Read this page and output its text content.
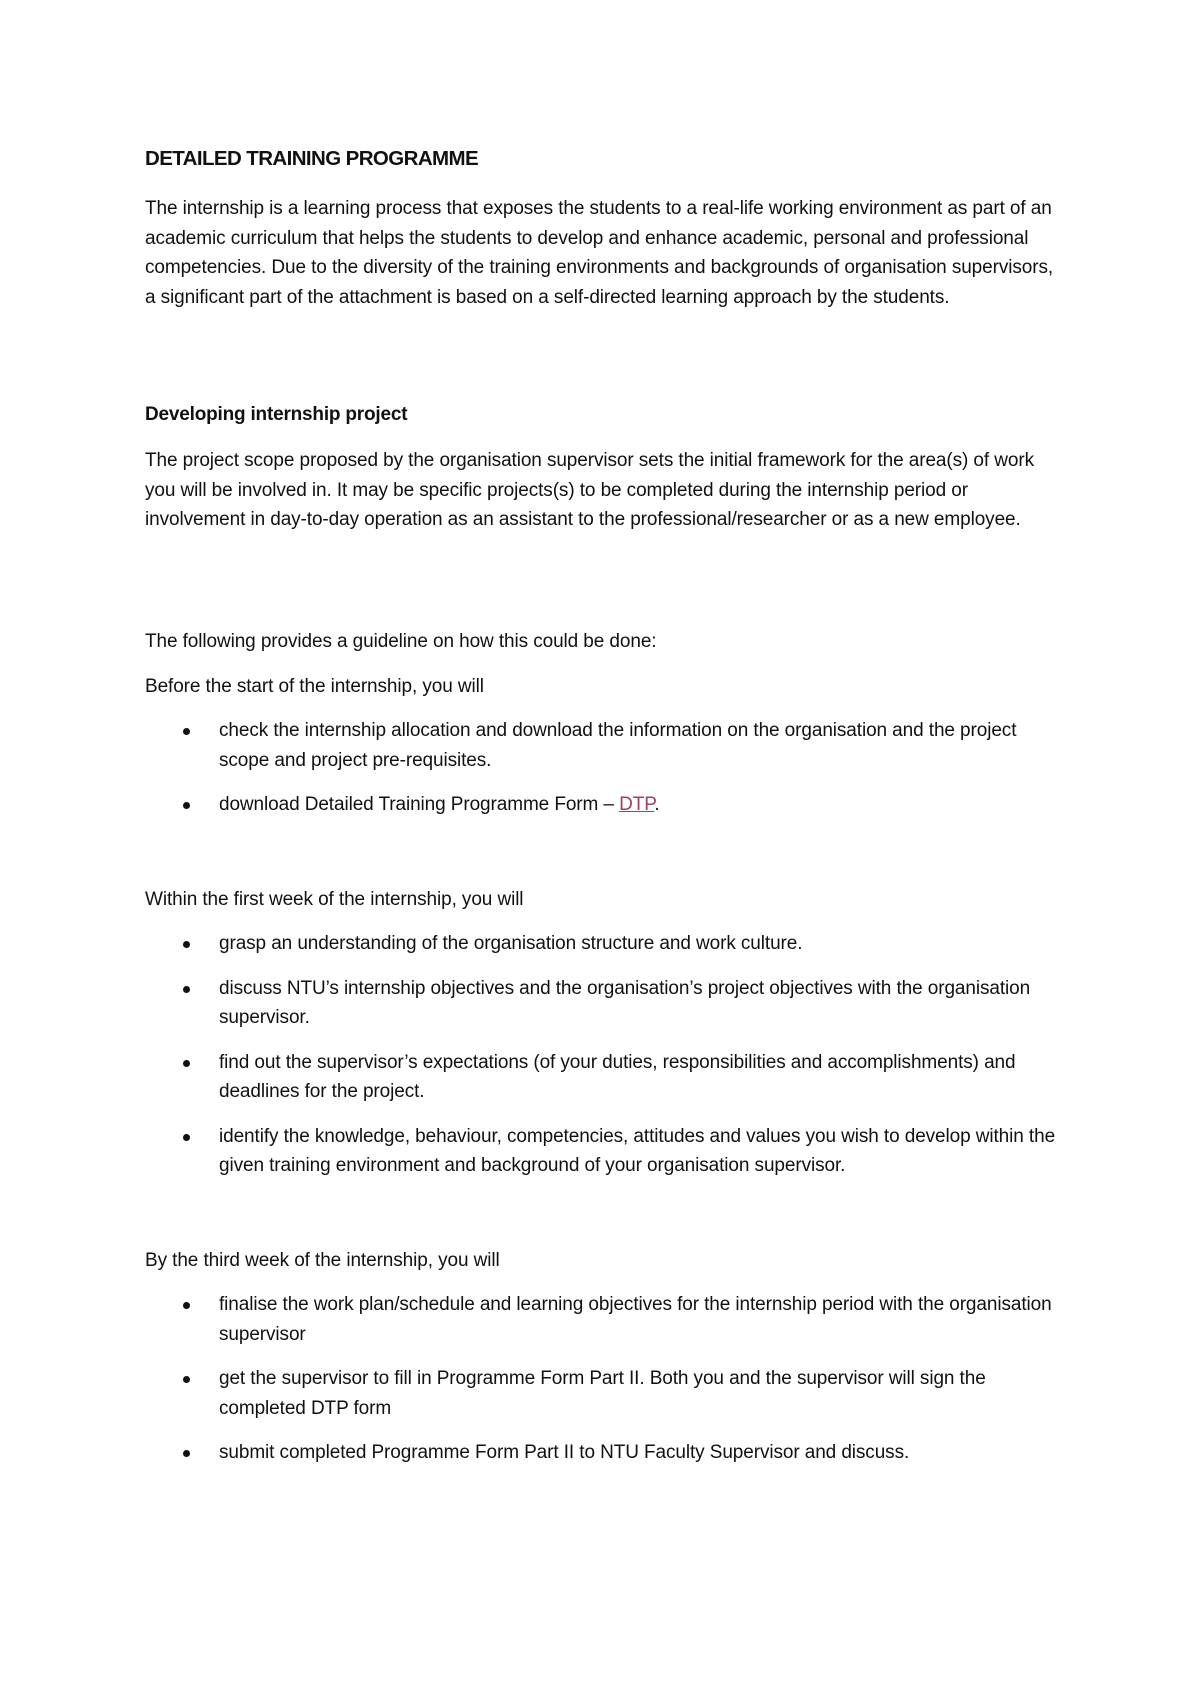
DETAILED TRAINING PROGRAMME

The internship is a learning process that exposes the students to a real-life working environment as part of an academic curriculum that helps the students to develop and enhance academic, personal and professional competencies. Due to the diversity of the training environments and backgrounds of organisation supervisors, a significant part of the attachment is based on a self-directed learning approach by the students.

Developing internship project

The project scope proposed by the organisation supervisor sets the initial framework for the area(s) of work you will be involved in. It may be specific projects(s) to be completed during the internship period or involvement in day-to-day operation as an assistant to the professional/researcher or as a new employee.

The following provides a guideline on how this could be done:

Before the start of the internship, you will

check the internship allocation and download the information on the organisation and the project scope and project pre-requisites.
download Detailed Training Programme Form – DTP.

Within the first week of the internship, you will

grasp an understanding of the organisation structure and work culture.
discuss NTU’s internship objectives and the organisation’s project objectives with the organisation supervisor.
find out the supervisor’s expectations (of your duties, responsibilities and accomplishments) and deadlines for the project.
identify the knowledge, behaviour, competencies, attitudes and values you wish to develop within the given training environment and background of your organisation supervisor.

By the third week of the internship, you will

finalise the work plan/schedule and learning objectives for the internship period with the organisation supervisor
get the supervisor to fill in Programme Form Part II. Both you and the supervisor will sign the completed DTP form
submit completed Programme Form Part II to NTU Faculty Supervisor and discuss.
